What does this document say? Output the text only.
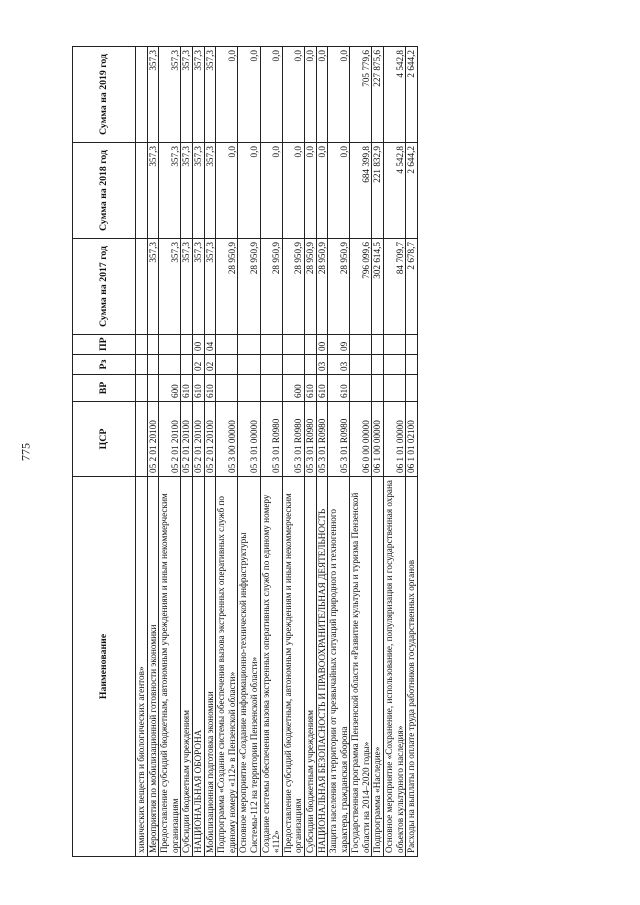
775
Наименование	ЦСР	ВР	Рз	ПР	Сумма на 2017 год	Сумма на 2018 год	Сумма на 2019 год
химических веществ и биологических агентов»							
Мероприятия по мобилизационной готовности экономики	05 2 01 20100				357,3	357,3	357,3
Предоставление субсидий бюджетным, автономным учреждениям и иным некоммерческим организациям	05 2 01 20100	600			357,3	357,3	357,3
Субсидии бюджетным учреждениям	05 2 01 20100	610			357,3	357,3	357,3
НАЦИОНАЛЬНАЯ ОБОРОНА	05 2 01 20100	610	02	00	357,3	357,3	357,3
Мобилизационная подготовка экономики	05 2 01 20100	610	02	04	357,3	357,3	357,3
Подпрограмма «Создание системы обеспечения вызова экстренных оперативных служб по единому номеру «112» в Пензенской области»	05 3 00 00000				28 950,9	0,0	0,0
Основное мероприятие «Создание информационно-технической инфраструктуры Системы-112 на территории Пензенской области»	05 3 01 00000				28 950,9	0,0	0,0
Создание системы обеспечения вызова экстренных оперативных служб по единому номеру «112»	05 3 01 R0980				28 950,9	0,0	0,0
Предоставление субсидий бюджетным, автономным учреждениям и иным некоммерческим организациям	05 3 01 R0980	600			28 950,9	0,0	0,0
Субсидии бюджетным учреждениям	05 3 01 R0980	610			28 950,9	0,0	0,0
НАЦИОНАЛЬНАЯ БЕЗОПАСНОСТЬ И ПРАВООХРАНИТЕЛЬНАЯ ДЕЯТЕЛЬНОСТЬ	05 3 01 R0980	610	03	00	28 950,9	0,0	0,0
Защита населения и территории от чрезвычайных ситуаций природного и техногенного характера, гражданская оборона	05 3 01 R0980	610	03	09	28 950,9	0,0	0,0
Государственная программа Пензенской области «Развитие культуры и туризма Пензенской области на 2014–2020 годы»	06 0 00 00000				796 099,6	684 399,8	705 779,6
Подпрограмма «Наследие»	06 1 00 00000				302 614,5	221 832,9	227 875,6
Основное мероприятие «Сохранение, использование, популяризация и государственная охрана объектов культурного наследия»	06 1 01 00000				84 709,7	4 542,8	4 542,8
Расходы на выплаты по оплате труда работников государственных органов	06 1 01 02100				2 678,7	2 644,2	2 644,2
